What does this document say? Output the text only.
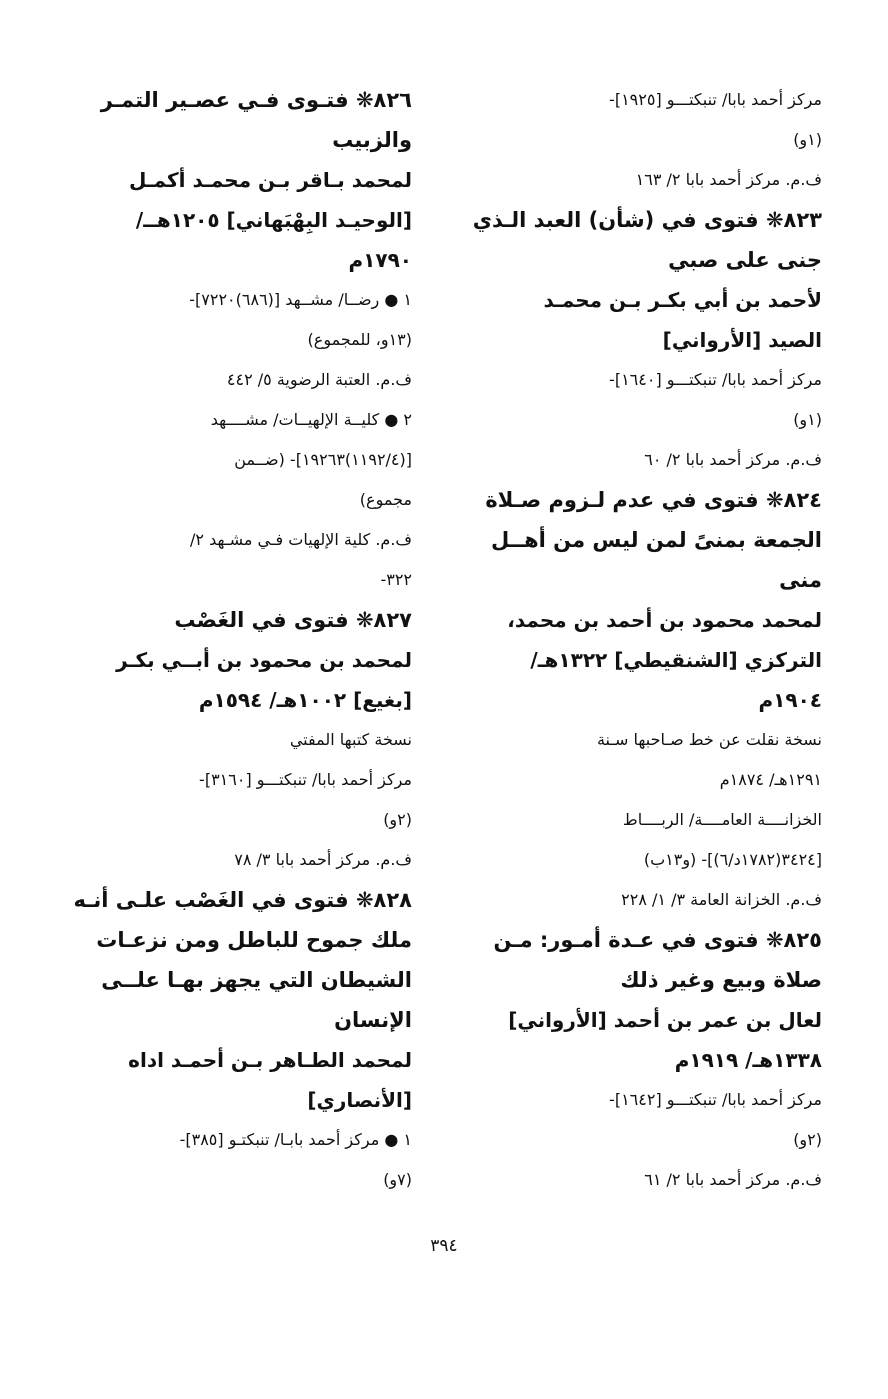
مركز أحمد بابا/ تنبكتـــو [١٩٢٥]-
(١و)
ف.م. مركز أحمد بابا ٢/ ١٦٣
٨٢٣❋ فتوى في (شأن) العبد الـذي
جنى على صبي
لأحمد بن أبي بكـر بـن محمـد
الصيد [الأرواني]
مركز أحمد بابا/ تنبكتـــو [١٦٤٠]-
(١و)
ف.م. مركز أحمد بابا ٢/ ٦٠
٨٢٤❋ فتوى في عدم لـزوم صـلاة
الجمعة بمنىً لمن ليس من أهــل
منى
لمحمد محمود بن أحمد بن محمد،
التركزي [الشنقيطي] ١٣٢٢هـ/
١٩٠٤م
نسخة نقلت عن خط صـاحبها سـنة
١٢٩١هـ/ ١٨٧٤م
الخزانــــة العامــــة/ الربــــاط
[٣٤٢٤(١٧٨٢د/٦)]- (و١٣ب)
ف.م. الخزانة العامة ٣/ ١/ ٢٢٨
٨٢٥❋ فتوى في عـدة أمـور: مـن
صلاة وبيع وغير ذلك
لعال بن عمر بن أحمد [الأرواني]
١٣٣٨هـ/ ١٩١٩م
مركز أحمد بابا/ تنبكتـــو [١٦٤٢]-
(٢و)
ف.م. مركز أحمد بابا ٢/ ٦١
٨٢٦❋ فتـوى فـي عصـير التمـر
والزبيب
لمحمد بـاقر بـن محمـد أكمـل
[الوحيـد البِهْبَهاني] ١٢٠٥هــ/
١٧٩٠م
١ ● رضــا/ مشــهد [(٦٨٦)٧٢٢٠]-
(١٣و، للمجموع)
ف.م. العتبة الرضوية ٥/ ٤٤٢
٢ ● كليــة الإلهيــات/ مشــــهد
[(١١٩٢/٤)١٩٢٦٣]- (ضــمن
مجموع)
ف.م. كلية الإلهيات فـي مشـهد ٢/
٣٢٢-
٨٢٧❋ فتوى في الغَصْب
لمحمد بن محمود بن أبــي بكـر
[بغيع] ١٠٠٢هـ/ ١٥٩٤م
نسخة كتبها المفتي
مركز أحمد بابا/ تنبكتـــو [٣١٦٠]-
(٢و)
ف.م. مركز أحمد بابا ٣/ ٧٨
٨٢٨❋ فتوى في الغَصْب علـى أنـه
ملك جموح للباطل ومن نزعـات
الشيطان التي يجهز بهـا علــى
الإنسان
لمحمد الطـاهر بـن أحمـد اداه
[الأنصاري]
١ ● مركز أحمد بابـا/ تنبكتـو [٣٨٥]-
(٧و)
٣٩٤
